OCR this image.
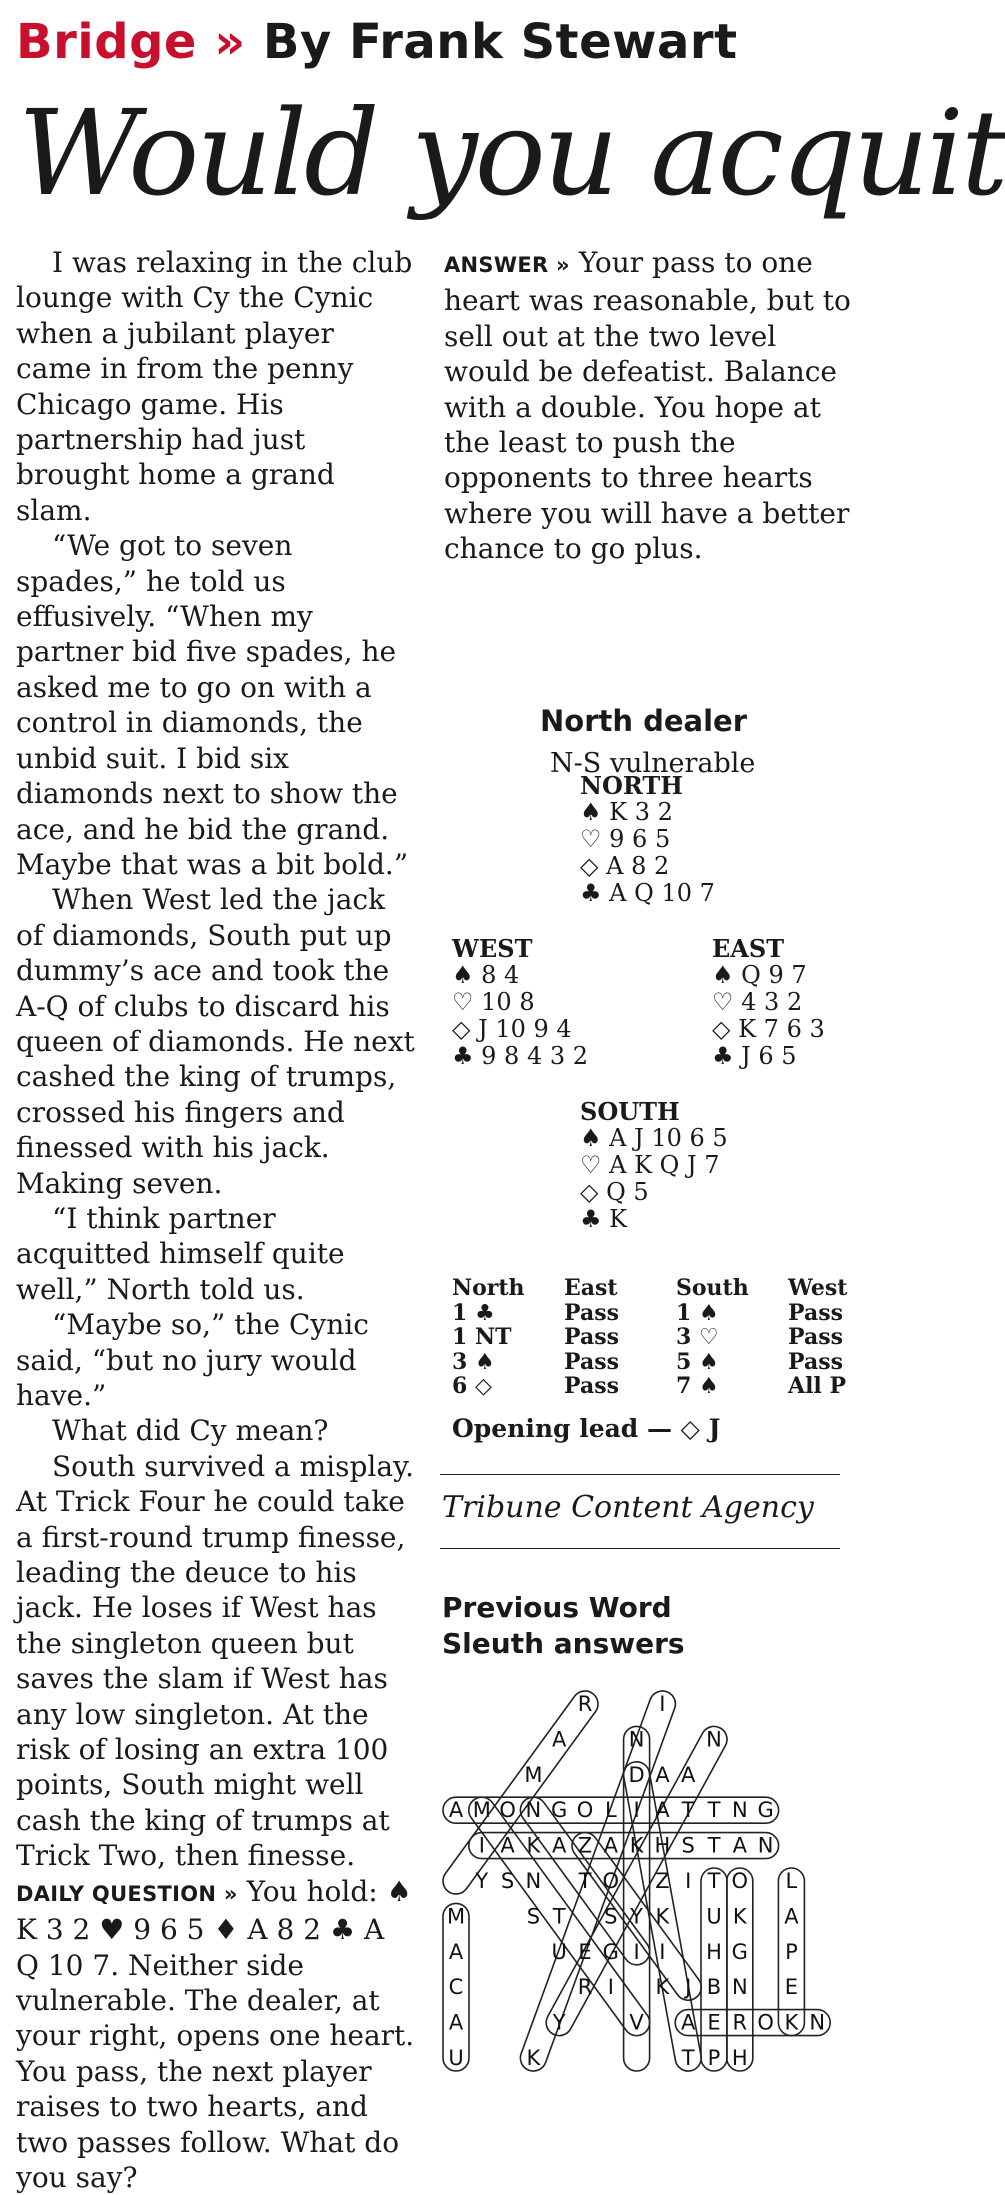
Bridge » By Frank Stewart
Would you acquit

I was relaxing in the club lounge with Cy the Cynic when a jubilant player came in from the penny Chicago game. His partnership had just brought home a grand slam.

“We got to seven spades,” he told us effusively. “When my partner bid five spades, he asked me to go on with a control in diamonds, the unbid suit. I bid six diamonds next to show the ace, and he bid the grand. Maybe that was a bit bold.”

When West led the jack of diamonds, South put up dummy’s ace and took the A-Q of clubs to discard his queen of diamonds. He next cashed the king of trumps, crossed his fingers and finessed with his jack. Making seven.

“I think partner acquitted himself quite well,” North told us.

“Maybe so,” the Cynic said, “but no jury would have.”

What did Cy mean?

South survived a misplay. At Trick Four he could take a first-round trump finesse, leading the deuce to his jack. He loses if West has the singleton queen but saves the slam if West has any low singleton. At the risk of losing an extra 100 points, South might well cash the king of trumps at Trick Two, then finesse.

DAILY QUESTION » You hold: ♠ K 3 2 ♥ 9 6 5 ♦ A 8 2 ♣ A Q 10 7. Neither side vulnerable. The dealer, at your right, opens one heart. You pass, the next player raises to two hearts, and two passes follow. What do you say?

ANSWER » Your pass to one heart was reasonable, but to sell out at the two level would be defeatist. Balance with a double. You hope at the least to push the opponents to three hearts where you will have a better chance to go plus.

North dealer
N-S vulnerable
NORTH
♠ K 3 2
♡ 9 6 5
◇ A 8 2
♣ A Q 10 7
WEST
♠ 8 4
♡ 10 8
◇ J 10 9 4
♣ 9 8 4 3 2
EAST
♠ Q 9 7
♡ 4 3 2
◇ K 7 6 3
♣ J 6 5
SOUTH
♠ A J 10 6 5
♡ A K Q J 7
◇ Q 5
♣ K
North	East	South	West
1 ♣	Pass	1 ♠	Pass
1 NT	Pass	3 ♡	Pass
3 ♠	Pass	5 ♠	Pass
6 ◇	Pass	7 ♠	All P
Opening lead — ◇ J
Tribune Content Agency
Previous Word
Sleuth answers
R	I
A	N	N
M	D A A
A M O N G O L I A T T N G
I A K A Z A K H S T A N
Y S N T O Z I T O L
M	S T S Y K U K A
A	U E G I I H G P
C	R I K J B N E
A	Y	V A E R O K N
U	K	T P H
